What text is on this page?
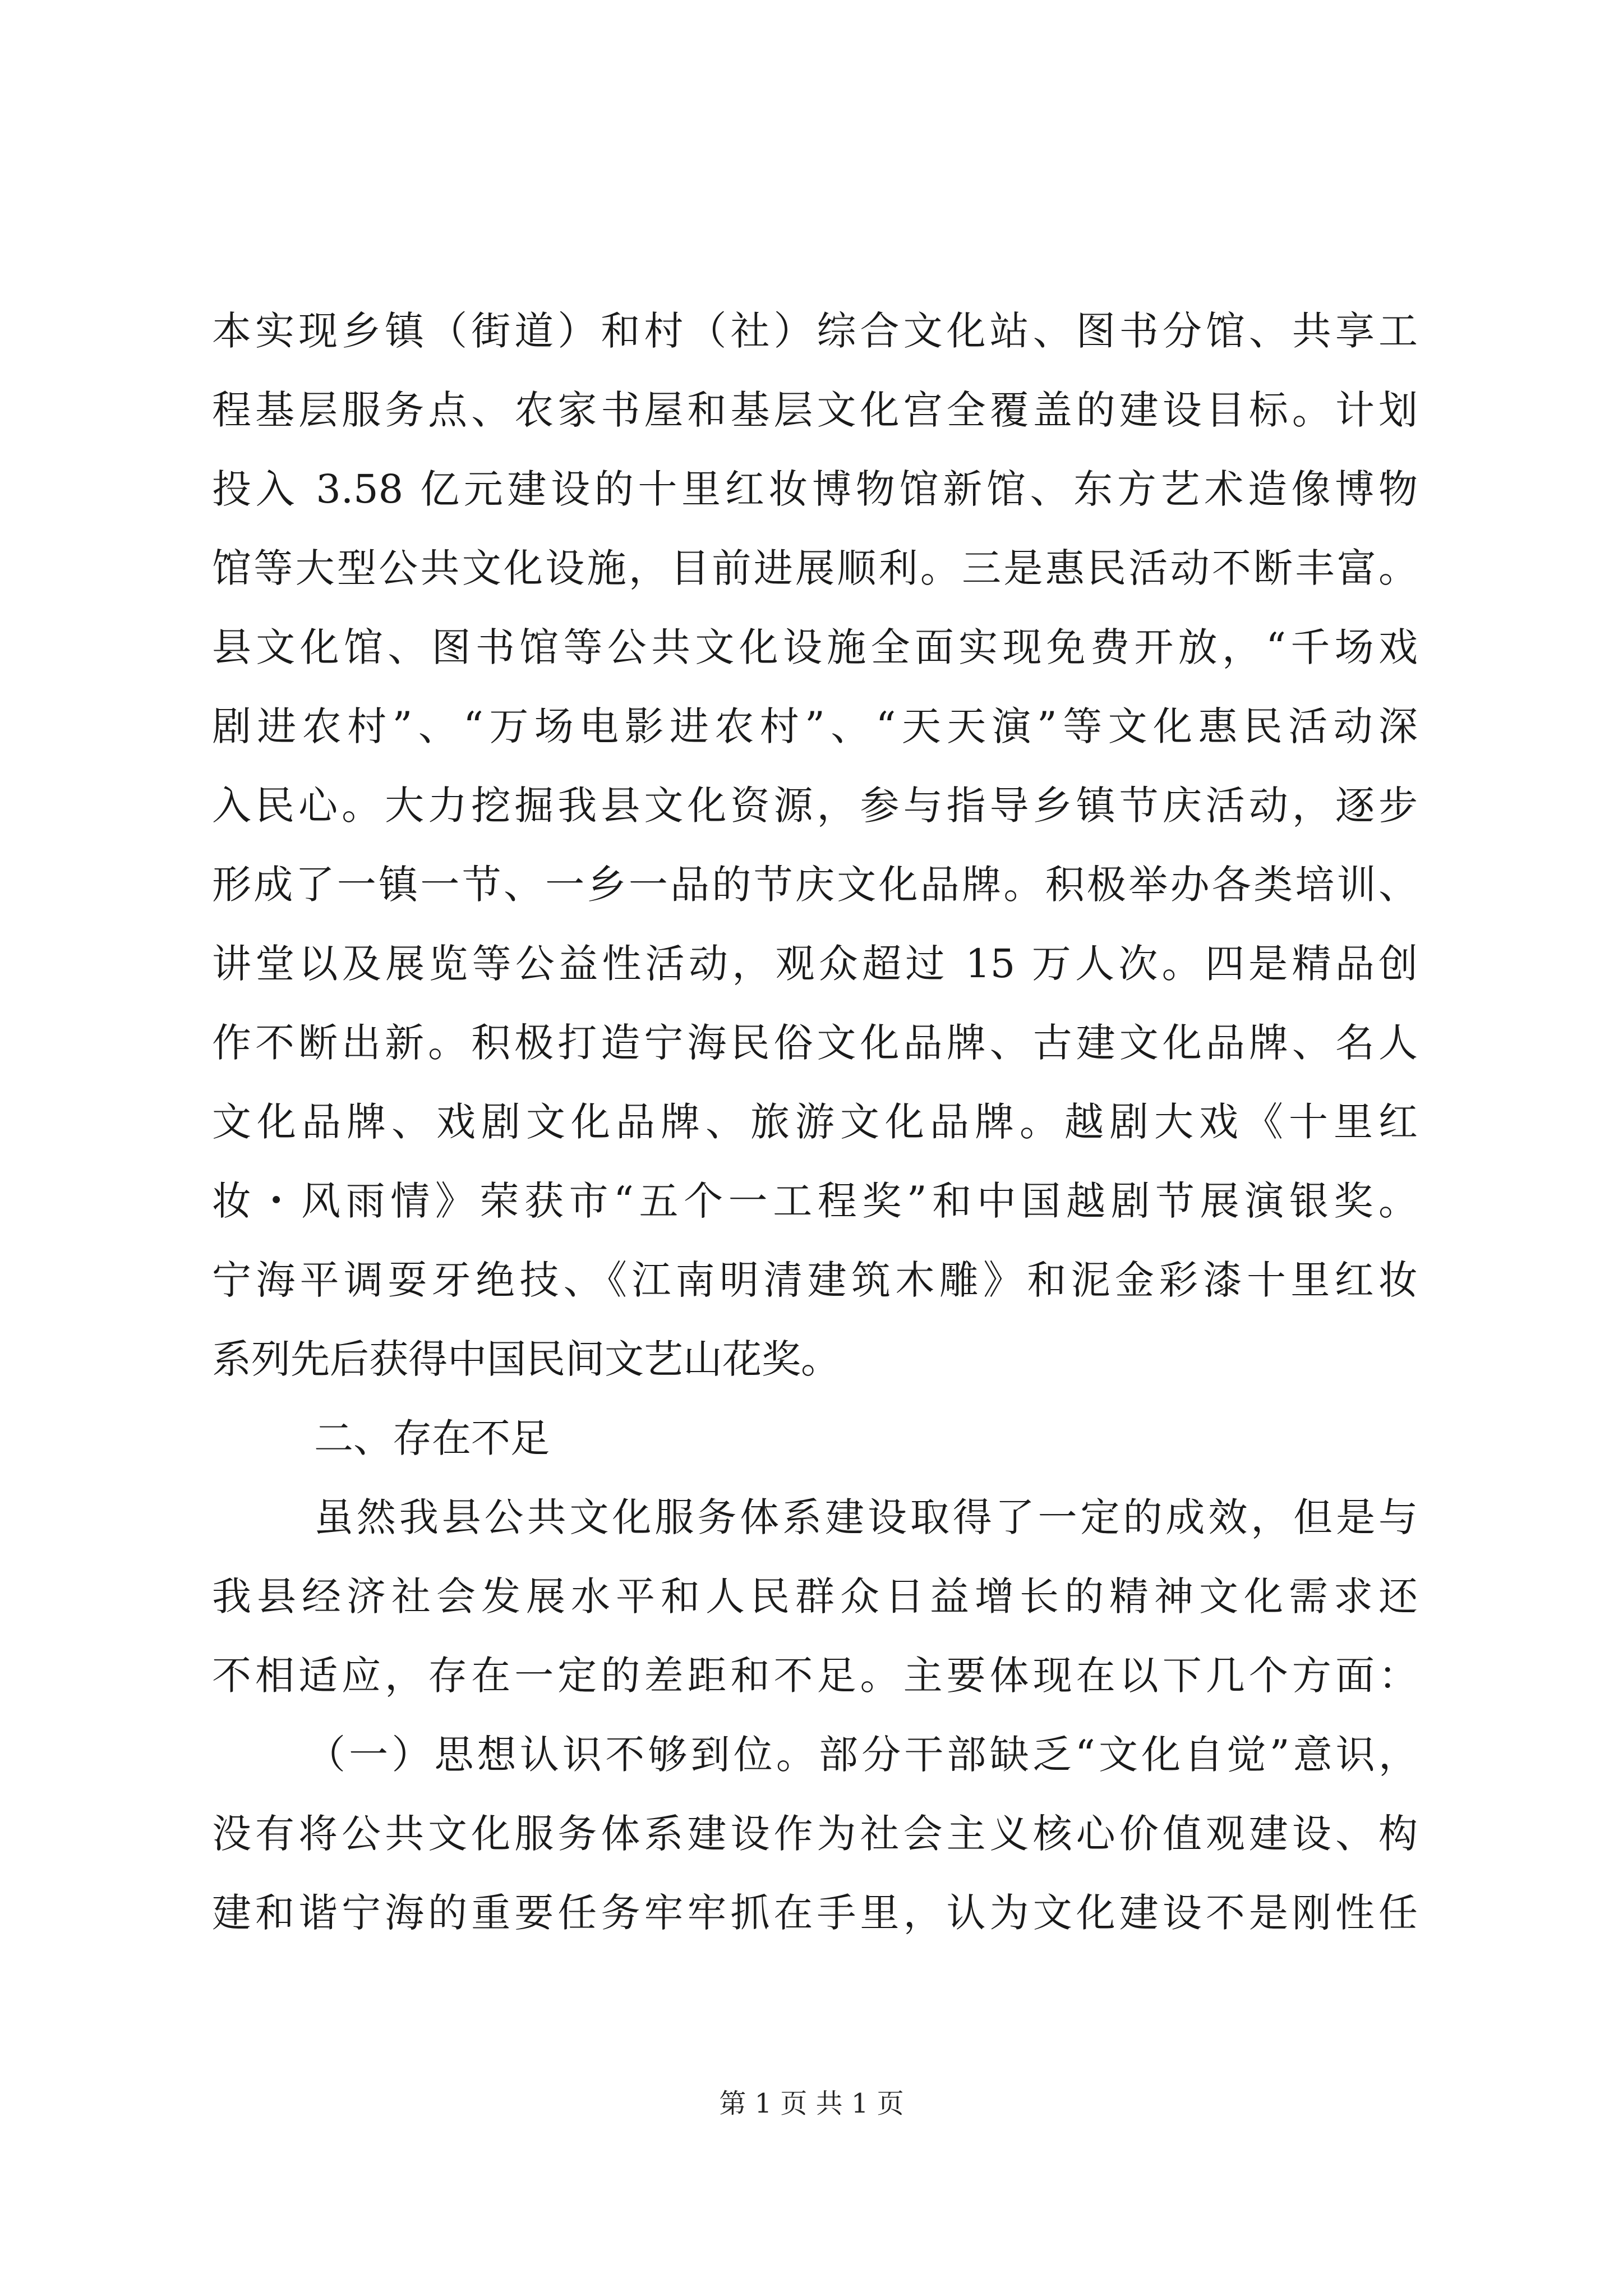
本实现乡镇（街道）和村（社）综合文化站、图书分馆、共享工
程基层服务点、农家书屋和基层文化宫全覆盖的建设目标。计划
投入 3.58 亿元建设的十里红妆博物馆新馆、东方艺术造像博物
馆等大型公共文化设施，目前进展顺利。三是惠民活动不断丰富。
县文化馆、图书馆等公共文化设施全面实现免费开放，“千场戏
剧进农村”、“万场电影进农村”、“天天演”等文化惠民活动深
入民心。大力挖掘我县文化资源，参与指导乡镇节庆活动，逐步
形成了一镇一节、一乡一品的节庆文化品牌。积极举办各类培训、
讲堂以及展览等公益性活动，观众超过 15 万人次。四是精品创
作不断出新。积极打造宁海民俗文化品牌、古建文化品牌、名人
文化品牌、戏剧文化品牌、旅游文化品牌。越剧大戏《十里红
妆・风雨情》荣获市“五个一工程奖”和中国越剧节展演银奖。
宁海平调耍牙绝技、《江南明清建筑木雕》和泥金彩漆十里红妆
系列先后获得中国民间文艺山花奖。
二、存在不足
虽然我县公共文化服务体系建设取得了一定的成效，但是与
我县经济社会发展水平和人民群众日益增长的精神文化需求还
不相适应，存在一定的差距和不足。主要体现在以下几个方面：
（一）思想认识不够到位。部分干部缺乏“文化自觉”意识，
没有将公共文化服务体系建设作为社会主义核心价值观建设、构
建和谐宁海的重要任务牢牢抓在手里，认为文化建设不是刚性任
第 1 页 共 1 页
